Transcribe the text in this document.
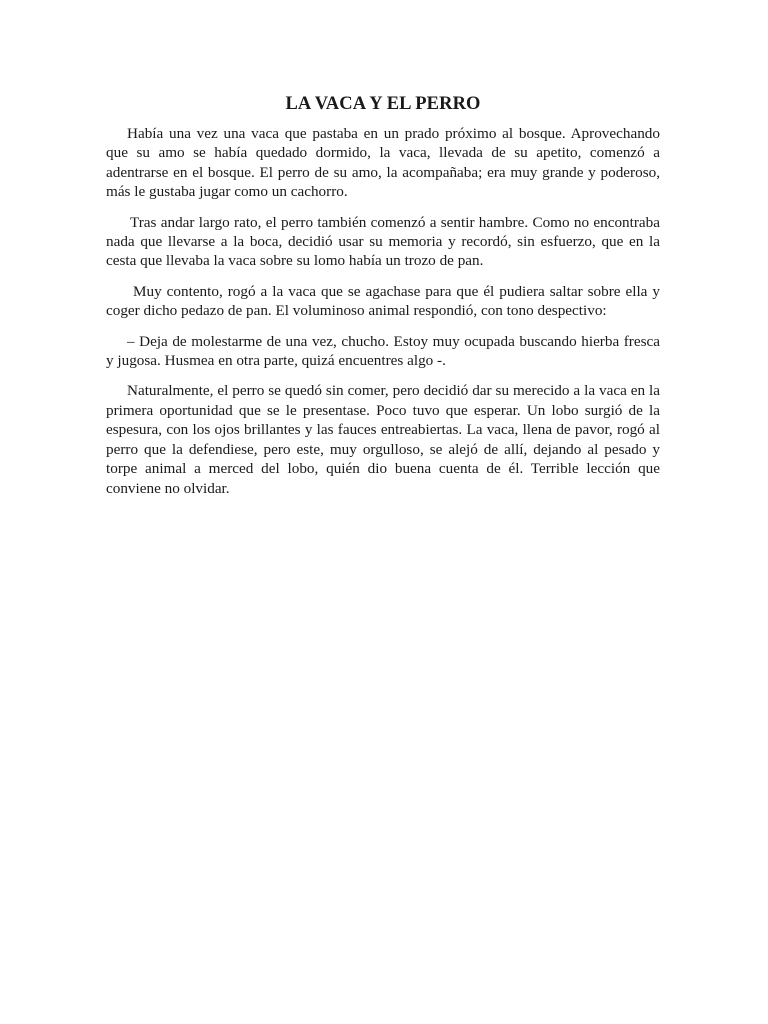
LA VACA Y EL PERRO

Había una vez una vaca que pastaba en un prado próximo al bosque. Aprovechando que su amo se había quedado dormido, la vaca, llevada de su apetito, comenzó a adentrarse en el bosque. El perro de su amo, la acompañaba; era muy grande y poderoso, más le gustaba jugar como un cachorro.

Tras andar largo rato, el perro también comenzó a sentir hambre. Como no encontraba nada que llevarse a la boca, decidió usar su memoria y recordó, sin esfuerzo, que en la cesta que llevaba la vaca sobre su lomo había un trozo de pan.

Muy contento, rogó a la vaca que se agachase para que él pudiera saltar sobre ella y coger dicho pedazo de pan. El voluminoso animal respondió, con tono despectivo:

– Deja de molestarme de una vez, chucho. Estoy muy ocupada buscando hierba fresca y jugosa. Husmea en otra parte, quizá encuentres algo -.

Naturalmente, el perro se quedó sin comer, pero decidió dar su merecido a la vaca en la primera oportunidad que se le presentase. Poco tuvo que esperar. Un lobo surgió de la espesura, con los ojos brillantes y las fauces entreabiertas. La vaca, llena de pavor, rogó al perro que la defendiese, pero este, muy orgulloso, se alejó de allí, dejando al pesado y torpe animal a merced del lobo, quién dio buena cuenta de él. Terrible lección que conviene no olvidar.
